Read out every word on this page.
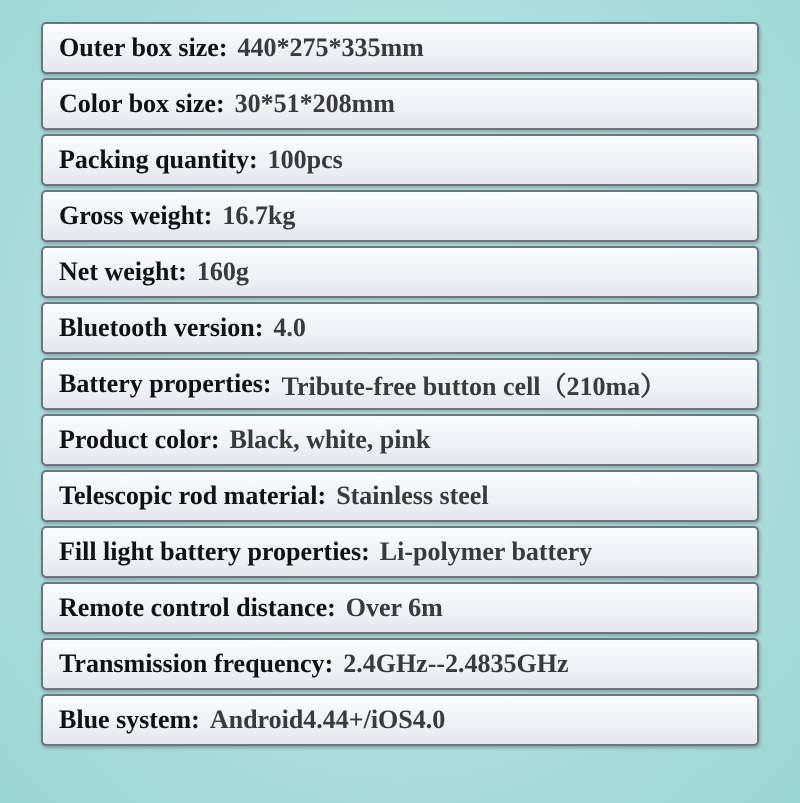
Outer box size : 440*275*335mm
Color box size : 30*51*208mm
Packing quantity : 100pcs
Gross weight : 16.7kg
Net weight : 160g
Bluetooth version : 4.0
Battery properties : Tribute-free button cell（210ma）
Product color : Black, white, pink
Telescopic rod material : Stainless steel
Fill light battery properties : Li-polymer battery
Remote control distance : Over 6m
Transmission frequency : 2.4GHz--2.4835GHz
Blue system : Android4.44+/iOS4.0
